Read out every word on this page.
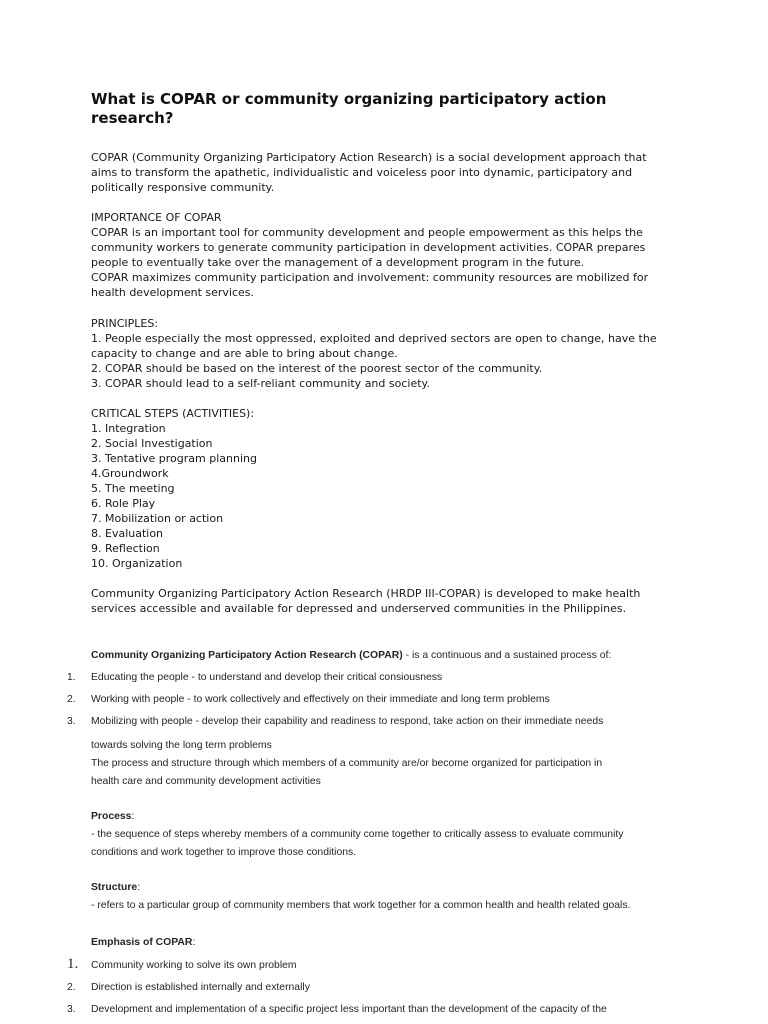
What is COPAR or community organizing participatory action
research?
COPAR (Community Organizing Participatory Action Research) is a social development approach that
aims to transform the apathetic, individualistic and voiceless poor into dynamic, participatory and
politically responsive community.
IMPORTANCE OF COPAR
COPAR is an important tool for community development and people empowerment as this helps the
community workers to generate community participation in development activities. COPAR prepares
people to eventually take over the management of a development program in the future.
COPAR maximizes community participation and involvement: community resources are mobilized for
health development services.
PRINCIPLES:
1. People especially the most oppressed, exploited and deprived sectors are open to change, have the
capacity to change and are able to bring about change.
2. COPAR should be based on the interest of the poorest sector of the community.
3. COPAR should lead to a self-reliant community and society.
CRITICAL STEPS (ACTIVITIES):
1. Integration
2. Social Investigation
3. Tentative program planning
4.Groundwork
5. The meeting
6. Role Play
7. Mobilization or action
8. Evaluation
9. Reflection
10. Organization
Community Organizing Participatory Action Research (HRDP III-COPAR) is developed to make health
services accessible and available for depressed and underserved communities in the Philippines.
Community Organizing Participatory Action Research (COPAR) - is a continuous and a sustained process of:
1. Educating the people - to understand and develop their critical consiousness
2. Working with people - to work collectively and effectively on their immediate and long term problems
3. Mobilizing with people - develop their capability and readiness to respond, take action on their immediate needs
towards solving the long term problems
The process and structure through which members of a community are/or become organized for participation in
health care and community development activities
Process:
- the sequence of steps whereby members of a community come together to critically assess to evaluate community
conditions and work together to improve those conditions.
Structure:
- refers to a particular group of community members that work together for a common health and health related goals.
Emphasis of COPAR:
1. Community working to solve its own problem
2. Direction is established internally and externally
3. Development and implementation of a specific project less important than the development of the capacity of the
